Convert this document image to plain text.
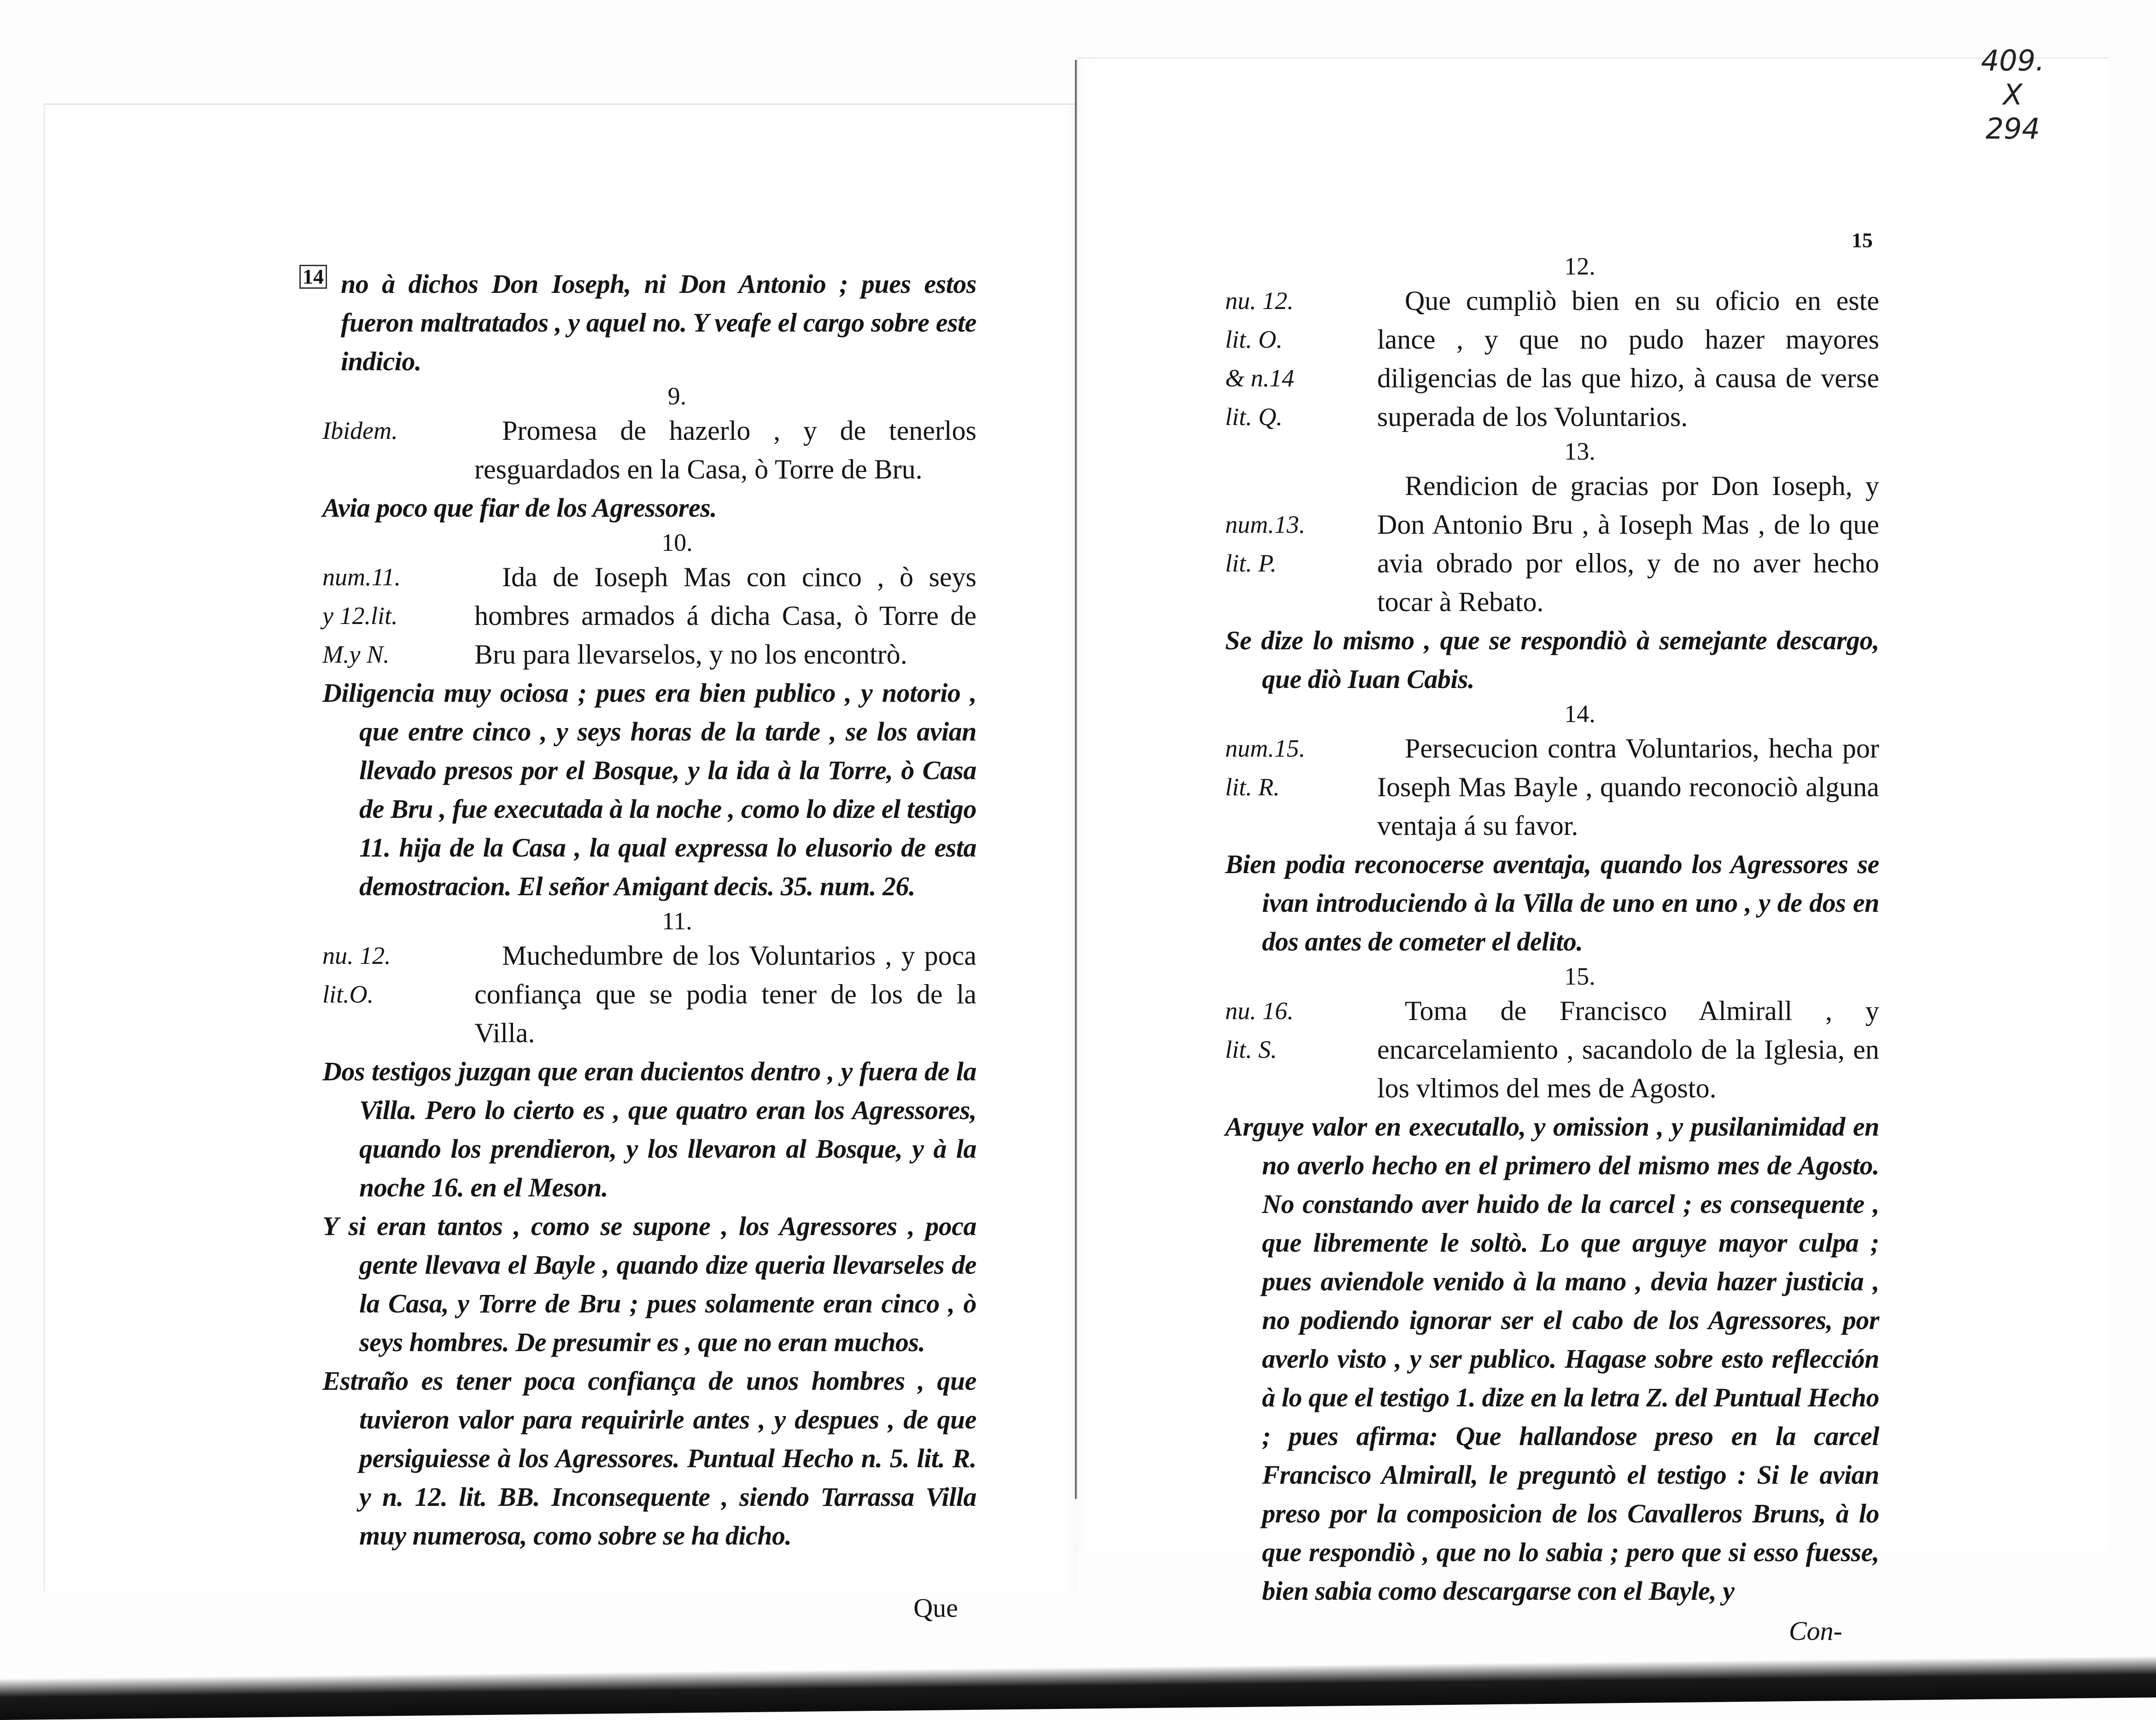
409.
X
294
14
15
no à dichos Don Ioseph, ni Don Antonio ; pues estos fueron maltratados , y aquel no. Y veafe el cargo sobre este indicio.
9.
Ibidem.	Promesa de hazerlo , y de tenerlos resguardados en la Casa, ò Torre de Bru.
Avia poco que fiar de los Agressores.
10.
num.11.
y 12.lit.
M.y N.
Ida de Ioseph Mas con cinco , ò seys hombres armados á dicha Casa, ò Torre de Bru para llevarselos, y no los encontrò.
Diligencia muy ociosa ; pues era bien publico , y notorio , que entre cinco , y seys horas de la tarde , se los avian llevado presos por el Bosque, y la ida à la Torre, ò Casa de Bru , fue executada à la noche , como lo dize el testigo 11. hija de la Casa , la qual expressa lo elusorio de esta demostracion. El señor Amigant decis. 35. num. 26.
11.
nu. 12.
lit.O.
Muchedumbre de los Voluntarios , y poca confiança que se podia tener de los de la Villa.
Dos testigos juzgan que eran ducientos dentro , y fuera de la Villa. Pero lo cierto es , que quatro eran los Agressores, quando los prendieron, y los llevaron al Bosque, y à la noche 16. en el Meson.
Y si eran tantos , como se supone , los Agressores , poca gente llevava el Bayle , quando dize queria llevarseles de la Casa, y Torre de Bru ; pues solamente eran cinco , ò seys hombres. De presumir es , que no eran muchos.
Estraño es tener poca confiança de unos hombres , que tuvieron valor para requirirle antes , y despues , de que persiguiesse à los Agressores. Puntual Hecho n. 5. lit. R. y n. 12. lit. BB. Inconsequente , siendo Tarrassa Villa muy numerosa, como sobre se ha dicho.
Que
12.
nu. 12.
lit. O.
& n.14
lit. Q.
Que cumpliò bien en su oficio en este lance , y que no pudo hazer mayores diligencias de las que hizo, à causa de verse superada de los Voluntarios.
13.

num.13.
lit. P.
Rendicion de gracias por Don Ioseph, y Don Antonio Bru , à Ioseph Mas , de lo que avia obrado por ellos, y de no aver hecho tocar à Rebato.
Se dize lo mismo , que se respondiò à semejante descargo, que diò Iuan Cabis.
14.
num.15.
lit. R.
Persecucion contra Voluntarios, hecha por Ioseph Mas Bayle , quando reconociò alguna ventaja á su favor.
Bien podia reconocerse aventaja, quando los Agressores se ivan introduciendo à la Villa de uno en uno , y de dos en dos antes de cometer el delito.
15.
nu. 16.
lit. S.
Toma de Francisco Almirall , y encarcelamiento , sacandolo de la Iglesia, en los vltimos del mes de Agosto.
Arguye valor en executallo, y omission , y pusilanimidad en no averlo hecho en el primero del mismo mes de Agosto. No constando aver huido de la carcel ; es consequente , que libremente le soltò. Lo que arguye mayor culpa ; pues aviendole venido à la mano , devia hazer justicia , no podiendo ignorar ser el cabo de los Agressores, por averlo visto , y ser publico. Hagase sobre esto reflección à lo que el testigo 1. dize en la letra Z. del Puntual Hecho ; pues afirma: Que hallandose preso en la carcel Francisco Almirall, le preguntò el testigo : Si le avian preso por la composicion de los Cavalleros Bruns, à lo que respondiò , que no lo sabia ; pero que si esso fuesse, bien sabia como descargarse con el Bayle, y
Con-
